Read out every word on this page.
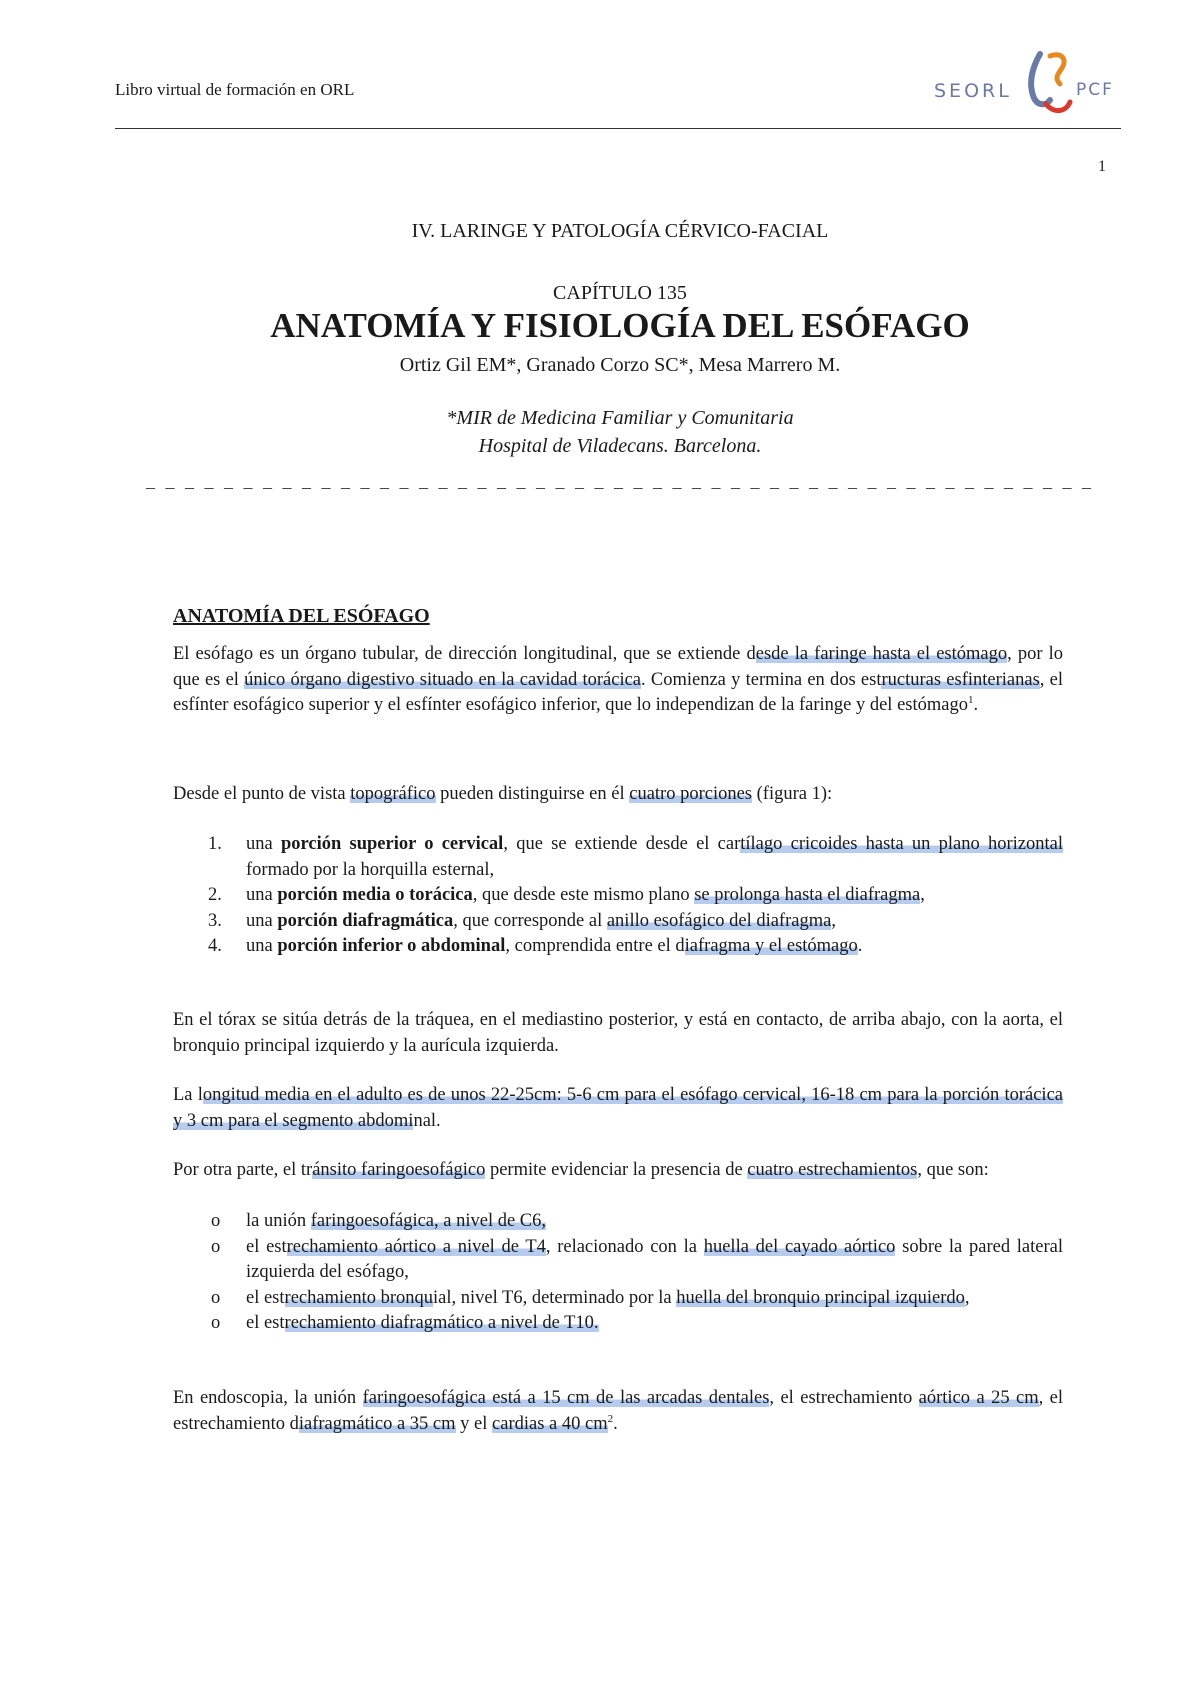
Libro virtual de formación en ORL	SEORL	PCF
1
IV. LARINGE Y PATOLOGÍA CÉRVICO-FACIAL
CAPÍTULO 135
ANATOMÍA Y FISIOLOGÍA DEL ESÓFAGO
Ortiz Gil EM*, Granado Corzo SC*, Mesa Marrero M.
*MIR de Medicina Familiar y Comunitaria
Hospital de Viladecans. Barcelona.
– – – – – – – – – – – – – – – – – – – – – – – – – – – – – – – – – – – – – – – – – – – – – – – – –
ANATOMÍA DEL ESÓFAGO

El esófago es un órgano tubular, de dirección longitudinal, que se extiende desde la faringe hasta el estómago, por lo que es el único órgano digestivo situado en la cavidad torácica. Comienza y termina en dos estructuras esfinterianas, el esfínter esofágico superior y el esfínter esofágico inferior, que lo independizan de la faringe y del estómago$^1$.

Desde el punto de vista topográfico pueden distinguirse en él cuatro porciones (figura 1):

1. una porción superior o cervical, que se extiende desde el cartílago cricoides hasta un plano horizontal formado por la horquilla esternal,
2. una porción media o torácica, que desde este mismo plano se prolonga hasta el diafragma,
3. una porción diafragmática, que corresponde al anillo esofágico del diafragma,
4. una porción inferior o abdominal, comprendida entre el diafragma y el estómago.

En el tórax se sitúa detrás de la tráquea, en el mediastino posterior, y está en contacto, de arriba abajo, con la aorta, el bronquio principal izquierdo y la aurícula izquierda.

La longitud media en el adulto es de unos 22-25cm: 5-6 cm para el esófago cervical, 16-18 cm para la porción torácica y 3 cm para el segmento abdominal.

Por otra parte, el tránsito faringoesofágico permite evidenciar la presencia de cuatro estrechamientos, que son:

o la unión faringoesofágica, a nivel de C6,
o el estrechamiento aórtico a nivel de T4, relacionado con la huella del cayado aórtico sobre la pared lateral izquierda del esófago,
o el estrechamiento bronquial, nivel T6, determinado por la huella del bronquio principal izquierdo,
o el estrechamiento diafragmático a nivel de T10.

En endoscopia, la unión faringoesofágica está a 15 cm de las arcadas dentales, el estrechamiento aórtico a 25 cm, el estrechamiento diafragmático a 35 cm y el cardias a 40 $cm^2$.
